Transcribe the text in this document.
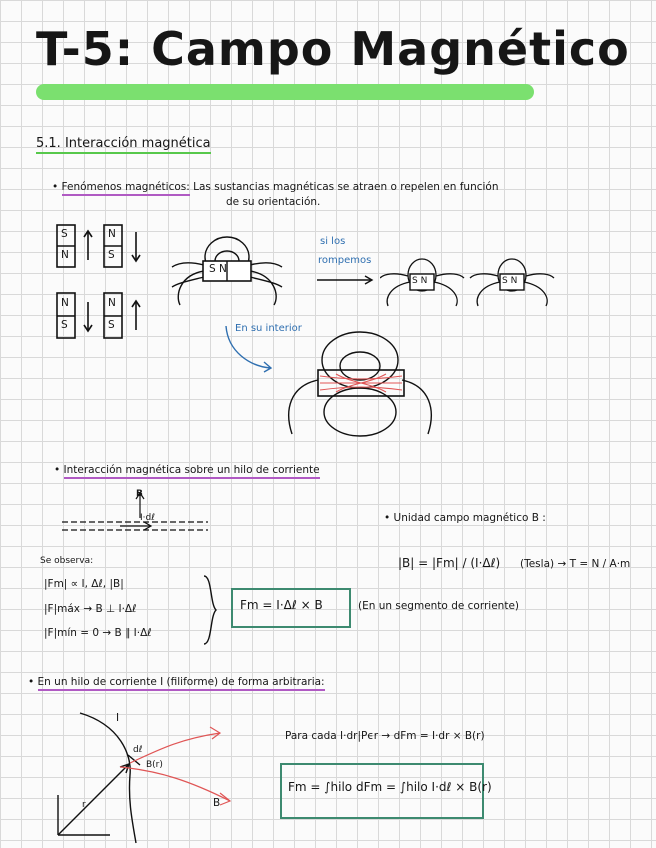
T-5: Campo Magnético
5.1. Interacción magnética
• Fenómenos magnéticos: Las sustancias magnéticas se atraen o repelen en función
de su orientación.
S
N
N
S
N
S
N
S
S N
si los
rompemos
S N	S N
En su interior
• Interacción magnética sobre un hilo de corriente
B
I·dℓ	• Unidad campo magnético B :
|B| = |Fm| / (I·Δℓ) (Tesla) → T = N / A·m
Se observa:
|Fm| ∝ I, Δℓ, |B|
|F|máx → B ⊥ I·Δℓ
|F|mín = 0 → B ∥ I·Δℓ
Fm = I·Δℓ × B	(En un segmento de corriente)
• En un hilo de corriente I (filiforme) de forma arbitraria:
I
dℓ
B(r)
r	B
Para cada I·dr|Pϵr → dFm = I·dr × B(r)
Fm = ∫hilo dFm = ∫hilo I·dℓ × B(r)
